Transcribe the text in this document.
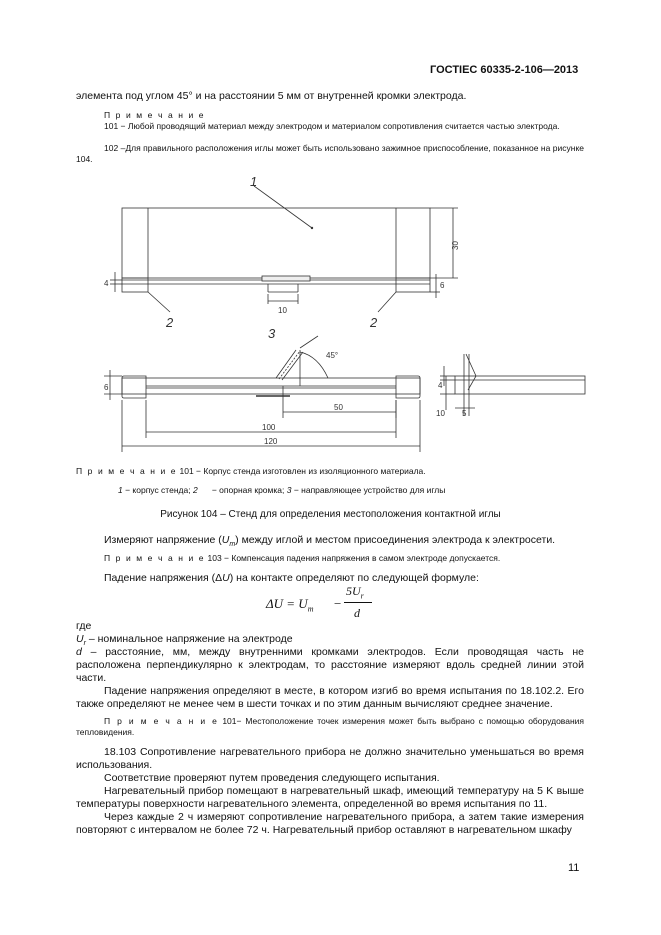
ГОСТIEC 60335-2-106—2013
элемента под углом 45° и на расстоянии 5 мм от внутренней кромки электрода.
П р и м е ч а н и е
101 − Любой проводящий материал между электродом и материалом сопротивления считается частью электрода.
102 –Для правильного расположения иглы может быть использовано зажимное приспособление, показанное на рисунке 104.
1
2	2
3
4
30
6
10
45°
6
50
100
120
4
10 5
П р и м е ч а н и е 101 − Корпус стенда изготовлен из изоляционного материала.
1 − корпус стенда; 2      − опорная кромка; 3 − направляющее устройство для иглы
Рисунок 104 – Стенд для определения местоположения контактной иглы
Измеряют напряжение $(U_m)$ между иглой и местом присоединения электрода к электросети.
П р и м е ч а н и е 103 − Компенсация падения напряжения в самом электроде допускается.
Падение напряжения (ΔU) на контакте определяют по следующей формуле:
$\Delta U = U_m$ −
$5U_r$
d
где
$U_r$ – номинальное напряжение на электроде
d – расстояние, мм, между внутренними кромками электродов. Если проводящая часть не расположена перпендикулярно к электродам, то расстояние измеряют вдоль средней линии этой части.
Падение напряжения определяют в месте, в котором изгиб во время испытания по 18.102.2. Его также определяют не менее чем в шести точках и по этим данным вычисляют среднее значение.
П р и м е ч а н и е 101− Местоположение точек измерения может быть выбрано с помощью оборудования тепловидения.
18.103 Сопротивление нагревательного прибора не должно значительно уменьшаться во время использования.
Соответствие проверяют путем проведения следующего испытания.
Нагревательный прибор помещают в нагревательный шкаф, имеющий температуру на 5 K выше температуры поверхности нагревательного элемента, определенной во время испытания по 11.
Через каждые 2 ч измеряют сопротивление нагревательного прибора, а затем такие измерения повторяют с интервалом не более 72 ч. Нагревательный прибор оставляют в нагревательном шкафу
11
